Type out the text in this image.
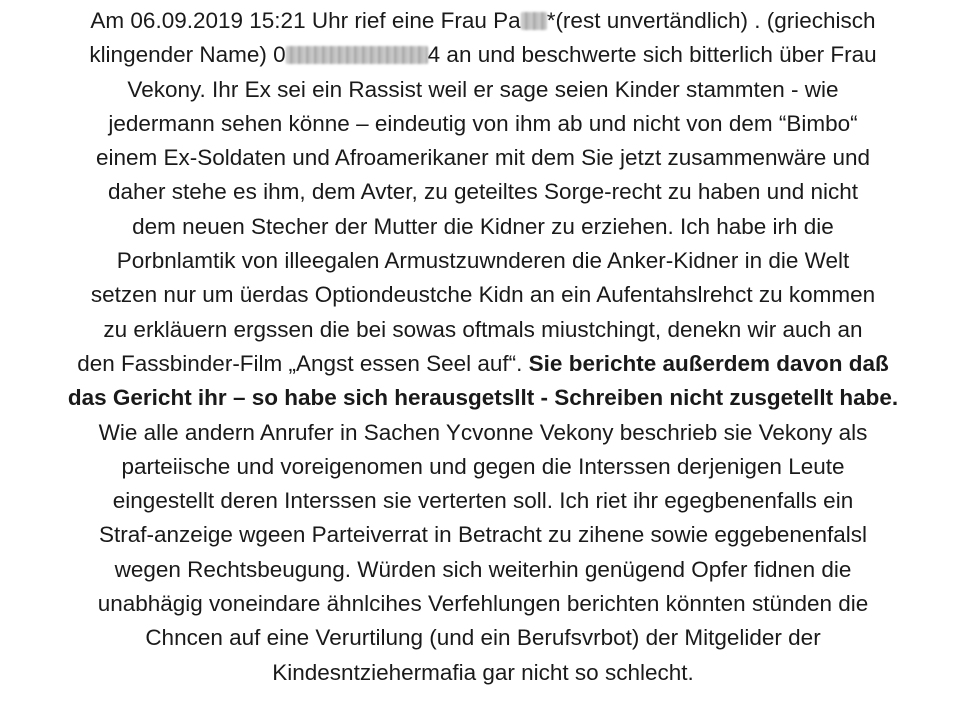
Am 06.09.2019 15:21 Uhr rief eine Frau Pa *(rest unvertändlich) . (griechisch
klingender Name) 0	4 an und beschwerte sich bitterlich über Frau
Vekony. Ihr Ex sei ein Rassist weil er sage seien Kinder stammten - wie
jedermann sehen könne – eindeutig von ihm ab und nicht von dem “Bimbo“
einem Ex-Soldaten und Afroamerikaner mit dem Sie jetzt zusammenwäre und
daher stehe es ihm, dem Avter, zu geteiltes Sorge-recht zu haben und nicht
dem neuen Stecher der Mutter die Kidner zu erziehen. Ich habe irh die
Porbnlamtik von illeegalen Armustzuwnderen die Anker-Kidner in die Welt
setzen nur um üerdas Optiondeustche Kidn an ein Aufentahslrehct zu kommen
zu erkläuern ergssen die bei sowas oftmals miustchingt, denekn wir auch an
den Fassbinder-Film „Angst essen Seel auf“. Sie berichte außerdem davon daß
das Gericht ihr – so habe sich herausgetsllt - Schreiben nicht zusgetellt habe.
Wie alle andern Anrufer in Sachen Ycvonne Vekony beschrieb sie Vekony als
parteiische und voreigenomen und gegen die Interssen derjenigen Leute
eingestellt deren Interssen sie verterten soll. Ich riet ihr egegbenenfalls ein
Straf-anzeige wgeen Parteiverrat in Betracht zu zihene sowie eggebenenfalsl
wegen Rechtsbeugung. Würden sich weiterhin genügend Opfer fidnen die
unabhägig voneindare ähnlcihes Verfehlungen berichten könnten stünden die
Chncen auf eine Verurtilung (und ein Berufsvrbot) der Mitgelider der
Kindesntziehermafia gar nicht so schlecht.
